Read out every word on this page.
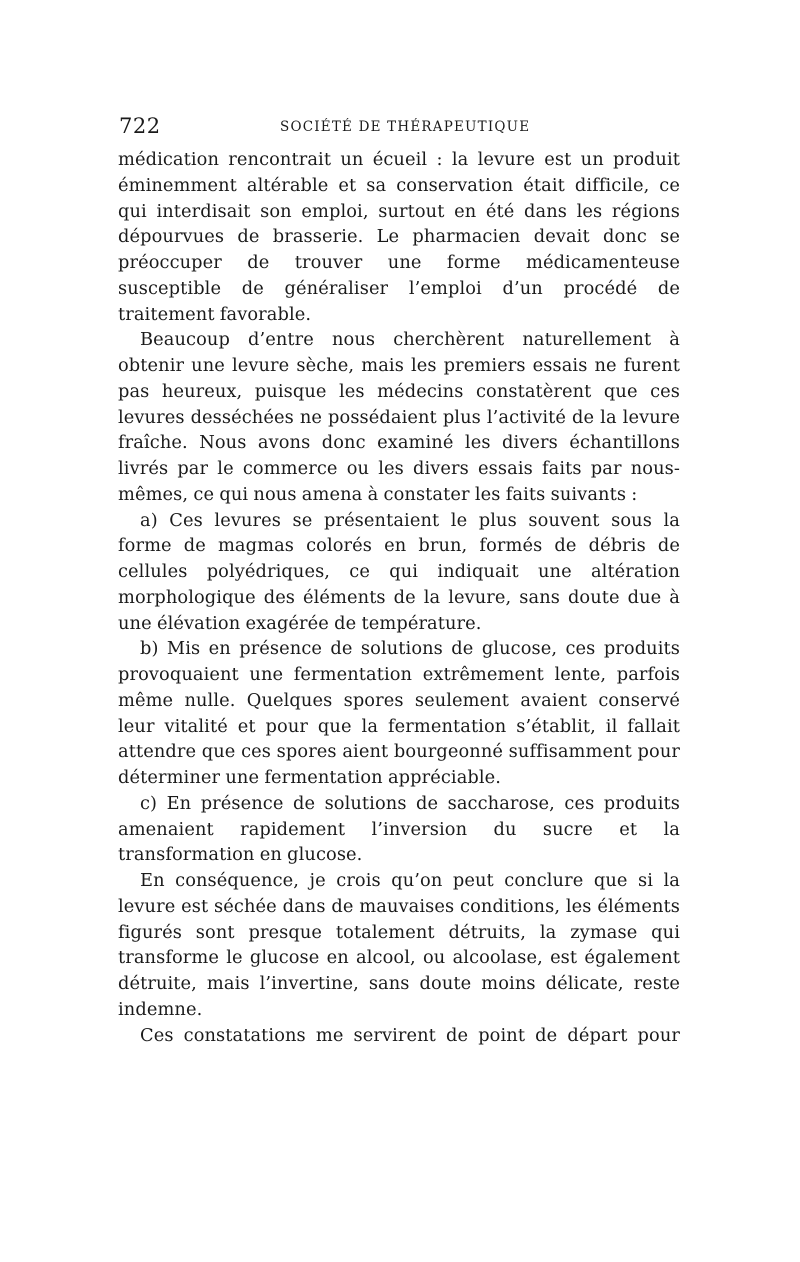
722	SOCIÉTÉ DE THÉRAPEUTIQUE

médication rencontrait un écueil : la levure est un produit éminemment altérable et sa conservation était difficile, ce qui interdisait son emploi, surtout en été dans les régions dépourvues de brasserie. Le pharmacien devait donc se préoccuper de trouver une forme médicamenteuse susceptible de généraliser l’emploi d’un procédé de traitement favorable.

Beaucoup d’entre nous cherchèrent naturellement à obtenir une levure sèche, mais les premiers essais ne furent pas heureux, puisque les médecins constatèrent que ces levures desséchées ne possédaient plus l’activité de la levure fraîche. Nous avons donc examiné les divers échantillons livrés par le commerce ou les divers essais faits par nous-mêmes, ce qui nous amena à constater les faits suivants :

a) Ces levures se présentaient le plus souvent sous la forme de magmas colorés en brun, formés de débris de cellules polyédriques, ce qui indiquait une altération morphologique des éléments de la levure, sans doute due à une élévation exagérée de température.

b) Mis en présence de solutions de glucose, ces produits provoquaient une fermentation extrêmement lente, parfois même nulle. Quelques spores seulement avaient conservé leur vitalité et pour que la fermentation s’établit, il fallait attendre que ces spores aient bourgeonné suffisamment pour déterminer une fermentation appréciable.

c) En présence de solutions de saccharose, ces produits amenaient rapidement l’inversion du sucre et la transformation en glucose.

En conséquence, je crois qu’on peut conclure que si la levure est séchée dans de mauvaises conditions, les éléments figurés sont presque totalement détruits, la zymase qui transforme le glucose en alcool, ou alcoolase, est également détruite, mais l’invertine, sans doute moins délicate, reste indemne.

Ces constatations me servirent de point de départ pour
